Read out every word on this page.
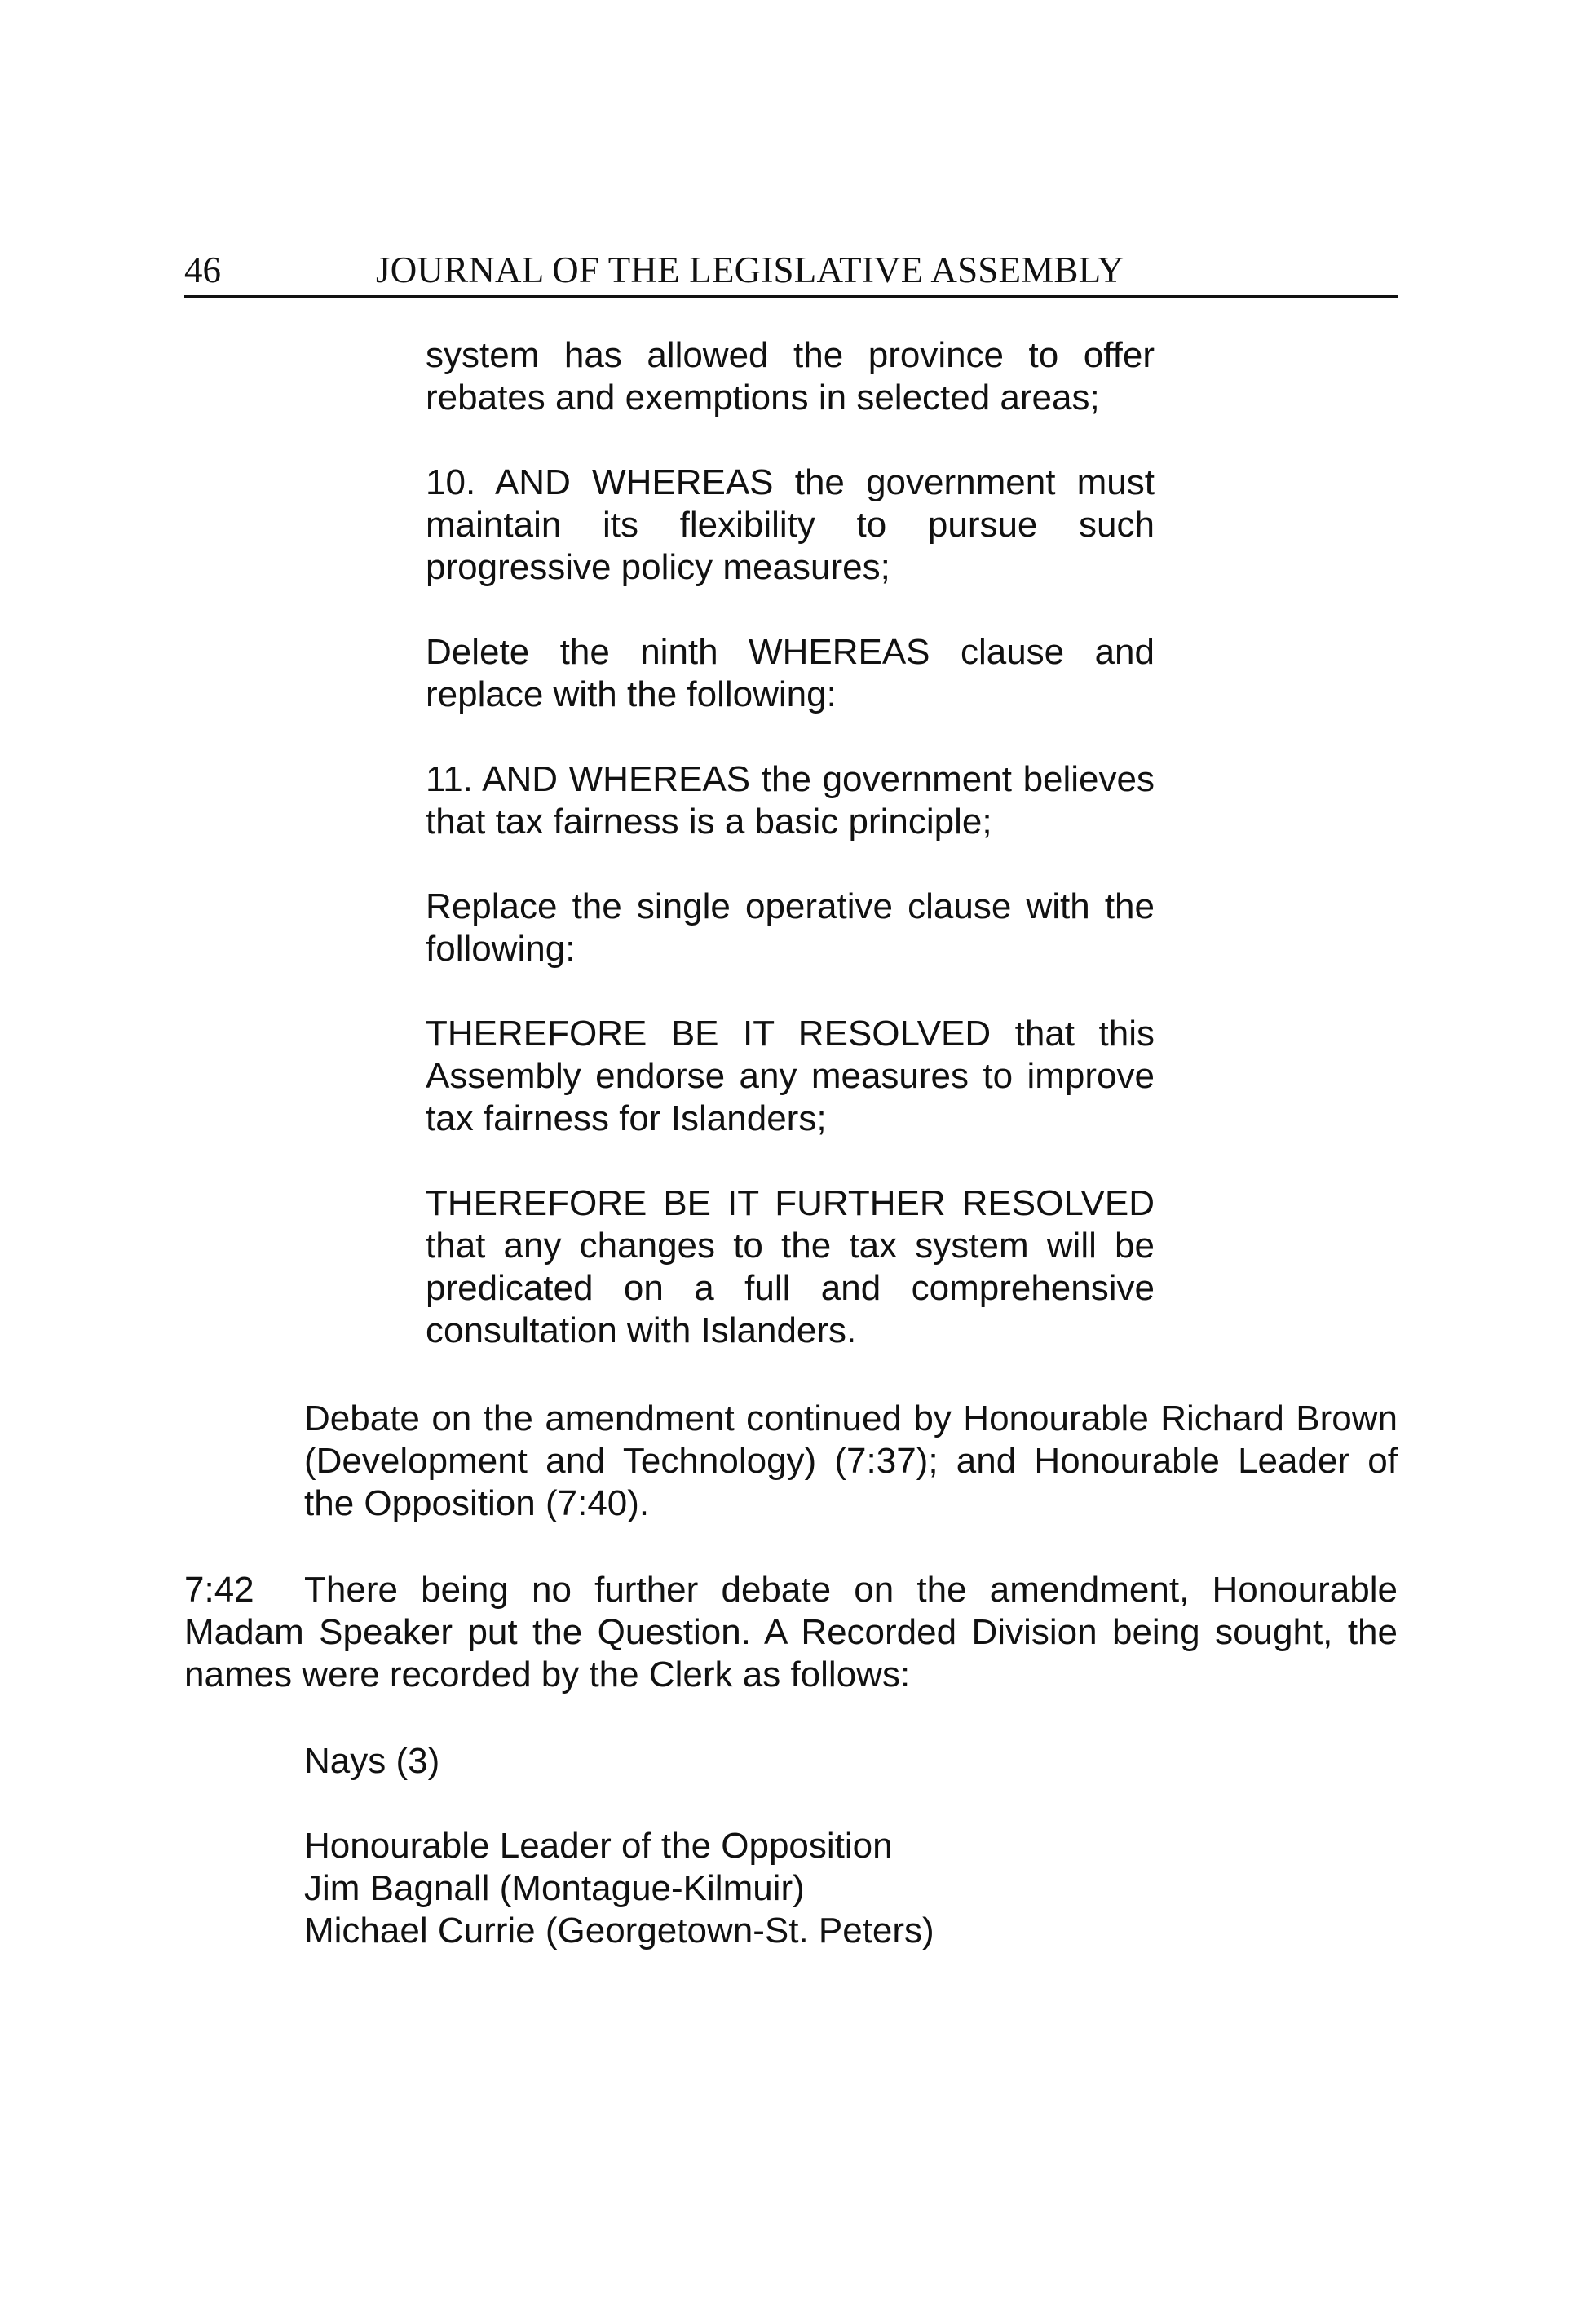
46	JOURNAL OF THE LEGISLATIVE ASSEMBLY

system has allowed the province to offer rebates and exemptions in selected areas;

10. AND WHEREAS the government must maintain its flexibility to pursue such progressive policy measures;

Delete the ninth WHEREAS clause and replace with the following:

11. AND WHEREAS the government believes that tax fairness is a basic principle;

Replace the single operative clause with the following:

THEREFORE BE IT RESOLVED that this Assembly endorse any measures to improve tax fairness for Islanders;

THEREFORE BE IT FURTHER RESOLVED that any changes to the tax system will be predicated on a full and comprehensive consultation with Islanders.

Debate on the amendment continued by Honourable Richard Brown (Development and Technology) (7:37); and Honourable Leader of the Opposition (7:40).

7:42 There being no further debate on the amendment, Honourable Madam Speaker put the Question. A Recorded Division being sought, the names were recorded by the Clerk as follows:

Nays (3)

Honourable Leader of the Opposition
Jim Bagnall (Montague-Kilmuir)
Michael Currie (Georgetown-St. Peters)
